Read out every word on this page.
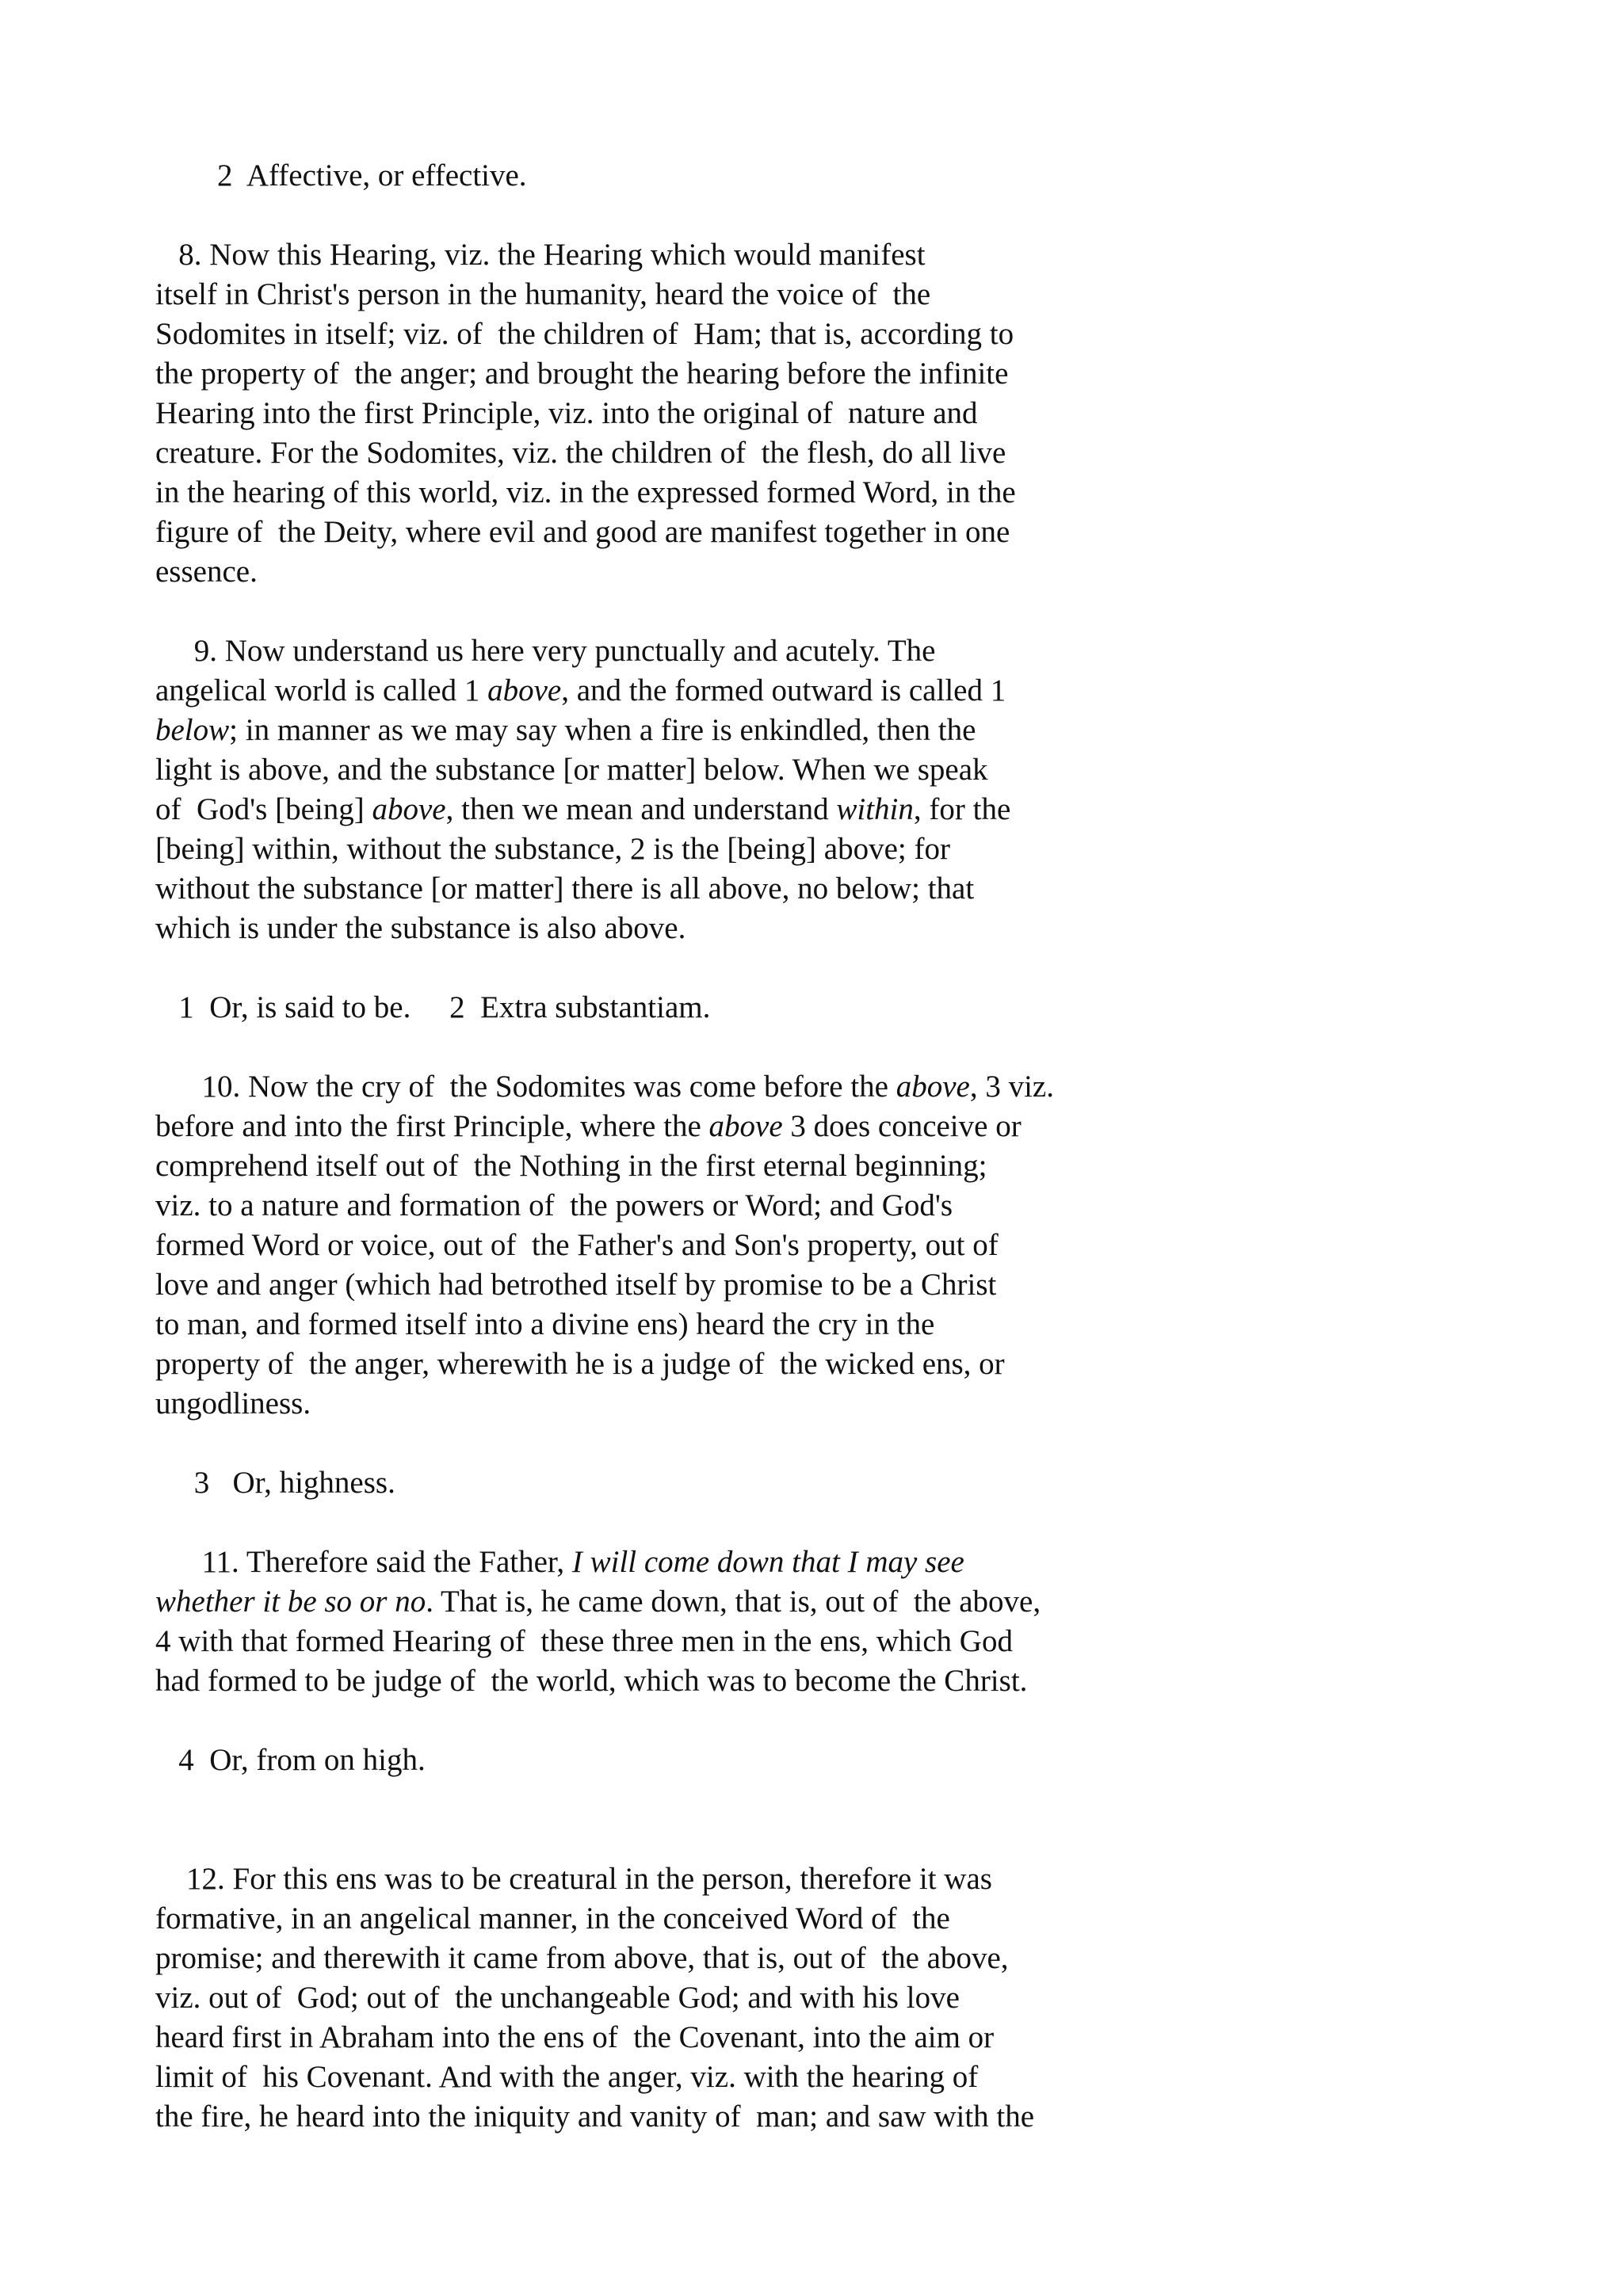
2  Affective, or effective.
8. Now this Hearing, viz. the Hearing which would manifest
itself in Christ's person in the humanity, heard the voice of  the
Sodomites in itself; viz. of  the children of  Ham; that is, according to
the property of  the anger; and brought the hearing before the infinite
Hearing into the first Principle, viz. into the original of  nature and
creature. For the Sodomites, viz. the children of  the flesh, do all live
in the hearing of this world, viz. in the expressed formed Word, in the
figure of  the Deity, where evil and good are manifest together in one
essence.
9. Now understand us here very punctually and acutely. The
angelical world is called 1 above, and the formed outward is called 1
below; in manner as we may say when a fire is enkindled, then the
light is above, and the substance [or matter] below. When we speak
of  God's [being] above, then we mean and understand within, for the
[being] within, without the substance, 2 is the [being] above; for
without the substance [or matter] there is all above, no below; that
which is under the substance is also above.
1  Or, is said to be.     2  Extra substantiam.
10. Now the cry of  the Sodomites was come before the above, 3 viz.
before and into the first Principle, where the above 3 does conceive or
comprehend itself out of  the Nothing in the first eternal beginning;
viz. to a nature and formation of  the powers or Word; and God's
formed Word or voice, out of  the Father's and Son's property, out of
love and anger (which had betrothed itself by promise to be a Christ
to man, and formed itself into a divine ens) heard the cry in the
property of  the anger, wherewith he is a judge of  the wicked ens, or
ungodliness.
3   Or, highness.
11. Therefore said the Father, I will come down that I may see
whether it be so or no. That is, he came down, that is, out of  the above,
4 with that formed Hearing of  these three men in the ens, which God
had formed to be judge of  the world, which was to become the Christ.
4  Or, from on high.
12. For this ens was to be creatural in the person, therefore it was
formative, in an angelical manner, in the conceived Word of  the
promise; and therewith it came from above, that is, out of  the above,
viz. out of  God; out of  the unchangeable God; and with his love
heard first in Abraham into the ens of  the Covenant, into the aim or
limit of  his Covenant. And with the anger, viz. with the hearing of
the fire, he heard into the iniquity and vanity of  man; and saw with the
